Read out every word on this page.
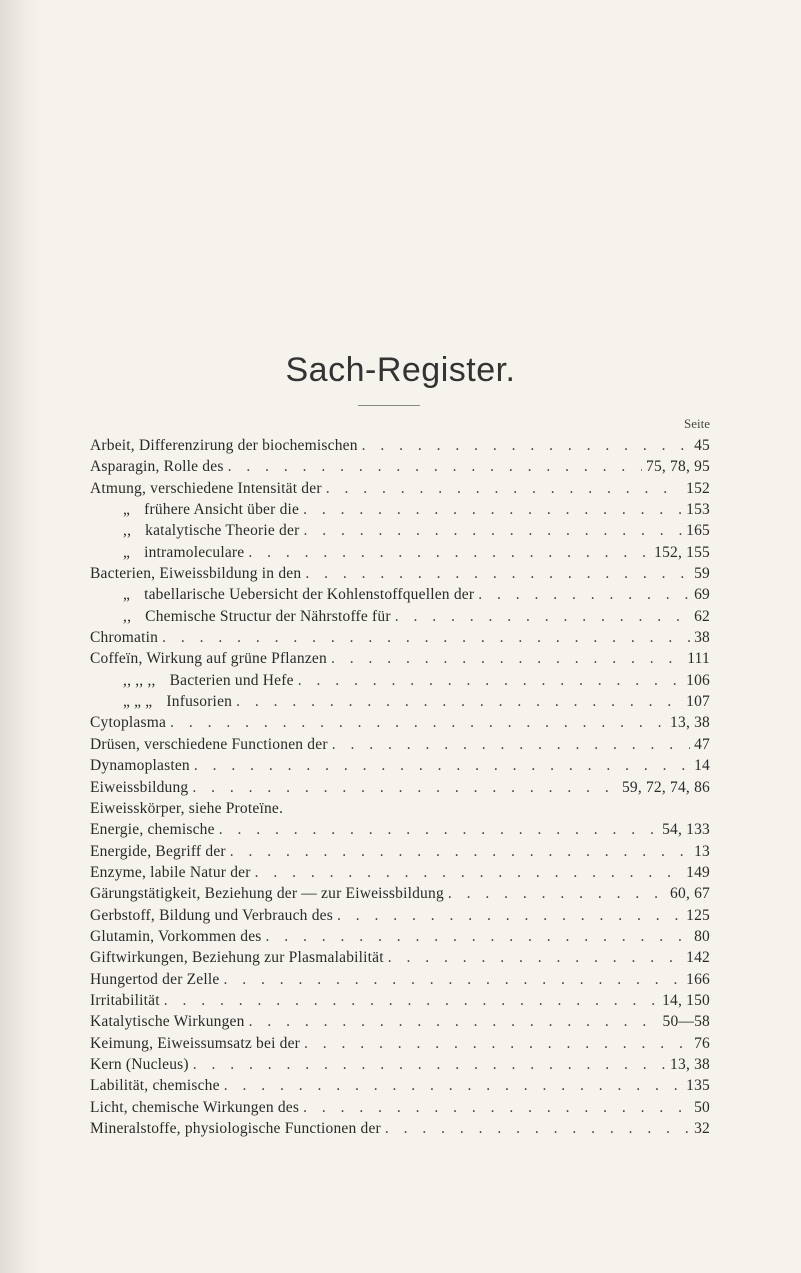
Sach-Register.
Seite
Arbeit, Differenzirung der biochemischen . . .	45
Asparagin, Rolle des . . .	75, 78, 95
Atmung, verschiedene Intensität der . . .	152
„ frühere Ansicht über die . . .	153
,, katalytische Theorie der . . .	165
„ intramoleculare . . .	152, 155
Bacterien, Eiweissbildung in den . . .	59
„ tabellarische Uebersicht der Kohlenstoffquellen der . . .	69
,, Chemische Structur der Nährstoffe für . . .	62
Chromatin . . .	38
Coffeïn, Wirkung auf grüne Pflanzen . . .	111
,, ,, ,, Bacterien und Hefe . . .	106
„ „ „ Infusorien . . .	107
Cytoplasma . . .	13, 38
Drüsen, verschiedene Functionen der . . .	47
Dynamoplasten . . .	14
Eiweissbildung . . .	59, 72, 74, 86
Eiweisskörper, siehe Proteïne.
Energie, chemische . . .	54, 133
Energide, Begriff der . . .	13
Enzyme, labile Natur der . . .	149
Gärungstätigkeit, Beziehung der — zur Eiweissbildung . . .	60, 67
Gerbstoff, Bildung und Verbrauch des . . .	125
Glutamin, Vorkommen des . . .	80
Giftwirkungen, Beziehung zur Plasmalabilität . . .	142
Hungertod der Zelle . . .	166
Irritabilität . . .	14, 150
Katalytische Wirkungen . . .	50—58
Keimung, Eiweissumsatz bei der . . .	76
Kern (Nucleus) . . .	13, 38
Labilität, chemische . . .	135
Licht, chemische Wirkungen des . . .	50
Mineralstoffe, physiologische Functionen der . . .	32
